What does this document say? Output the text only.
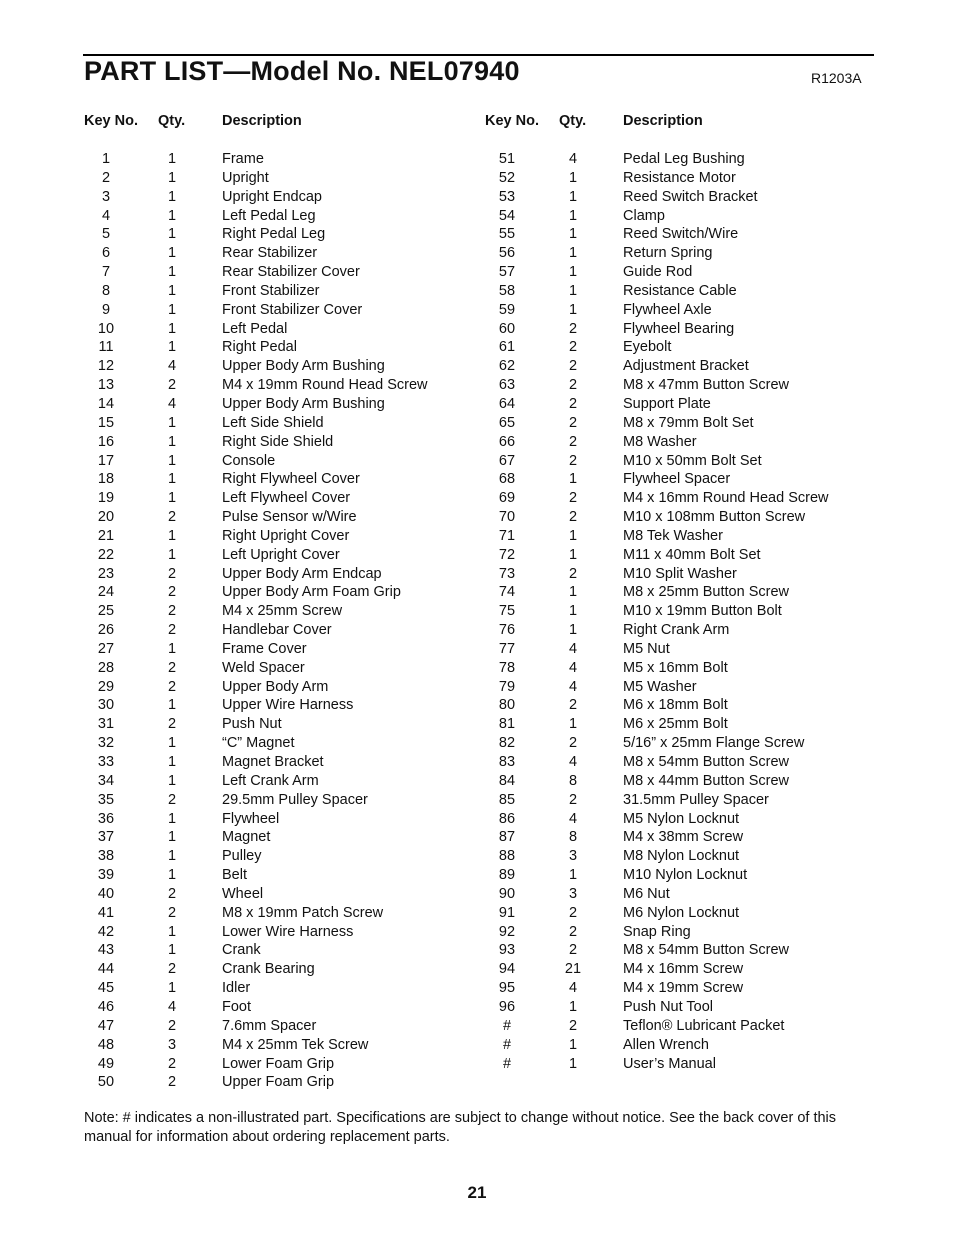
PART LIST—Model No. NEL07940	R1203A
Key No. Qty.	Description
1	1	Frame
2	1	Upright
3	1	Upright Endcap
4	1	Left Pedal Leg
5	1	Right Pedal Leg
6	1	Rear Stabilizer
7	1	Rear Stabilizer Cover
8	1	Front Stabilizer
9	1	Front Stabilizer Cover
10	1	Left Pedal
11	1	Right Pedal
12	4	Upper Body Arm Bushing
13	2	M4 x 19mm Round Head Screw
14	4	Upper Body Arm Bushing
15	1	Left Side Shield
16	1	Right Side Shield
17	1	Console
18	1	Right Flywheel Cover
19	1	Left Flywheel Cover
20	2	Pulse Sensor w/Wire
21	1	Right Upright Cover
22	1	Left Upright Cover
23	2	Upper Body Arm Endcap
24	2	Upper Body Arm Foam Grip
25	2	M4 x 25mm Screw
26	2	Handlebar Cover
27	1	Frame Cover
28	2	Weld Spacer
29	2	Upper Body Arm
30	1	Upper Wire Harness
31	2	Push Nut
32	1	“C” Magnet
33	1	Magnet Bracket
34	1	Left Crank Arm
35	2	29.5mm Pulley Spacer
36	1	Flywheel
37	1	Magnet
38	1	Pulley
39	1	Belt
40	2	Wheel
41	2	M8 x 19mm Patch Screw
42	1	Lower Wire Harness
43	1	Crank
44	2	Crank Bearing
45	1	Idler
46	4	Foot
47	2	7.6mm Spacer
48	3	M4 x 25mm Tek Screw
49	2	Lower Foam Grip
50	2	Upper Foam Grip
Key No. Qty.	Description
51	4	Pedal Leg Bushing
52	1	Resistance Motor
53	1	Reed Switch Bracket
54	1	Clamp
55	1	Reed Switch/Wire
56	1	Return Spring
57	1	Guide Rod
58	1	Resistance Cable
59	1	Flywheel Axle
60	2	Flywheel Bearing
61	2	Eyebolt
62	2	Adjustment Bracket
63	2	M8 x 47mm Button Screw
64	2	Support Plate
65	2	M8 x 79mm Bolt Set
66	2	M8 Washer
67	2	M10 x 50mm Bolt Set
68	1	Flywheel Spacer
69	2	M4 x 16mm Round Head Screw
70	2	M10 x 108mm Button Screw
71	1	M8 Tek Washer
72	1	M11 x 40mm Bolt Set
73	2	M10 Split Washer
74	1	M8 x 25mm Button Screw
75	1	M10 x 19mm Button Bolt
76	1	Right Crank Arm
77	4	M5 Nut
78	4	M5 x 16mm Bolt
79	4	M5 Washer
80	2	M6 x 18mm Bolt
81	1	M6 x 25mm Bolt
82	2	5/16” x 25mm Flange Screw
83	4	M8 x 54mm Button Screw
84	8	M8 x 44mm Button Screw
85	2	31.5mm Pulley Spacer
86	4	M5 Nylon Locknut
87	8	M4 x 38mm Screw
88	3	M8 Nylon Locknut
89	1	M10 Nylon Locknut
90	3	M6 Nut
91	2	M6 Nylon Locknut
92	2	Snap Ring
93	2	M8 x 54mm Button Screw
94	21	M4 x 16mm Screw
95	4	M4 x 19mm Screw
96	1	Push Nut Tool
#	2	Teflon® Lubricant Packet
#	1	Allen Wrench
#	1	User’s Manual
Note: # indicates a non-illustrated part. Specifications are subject to change without notice. See the back cover of this manual for information about ordering replacement parts.
21
